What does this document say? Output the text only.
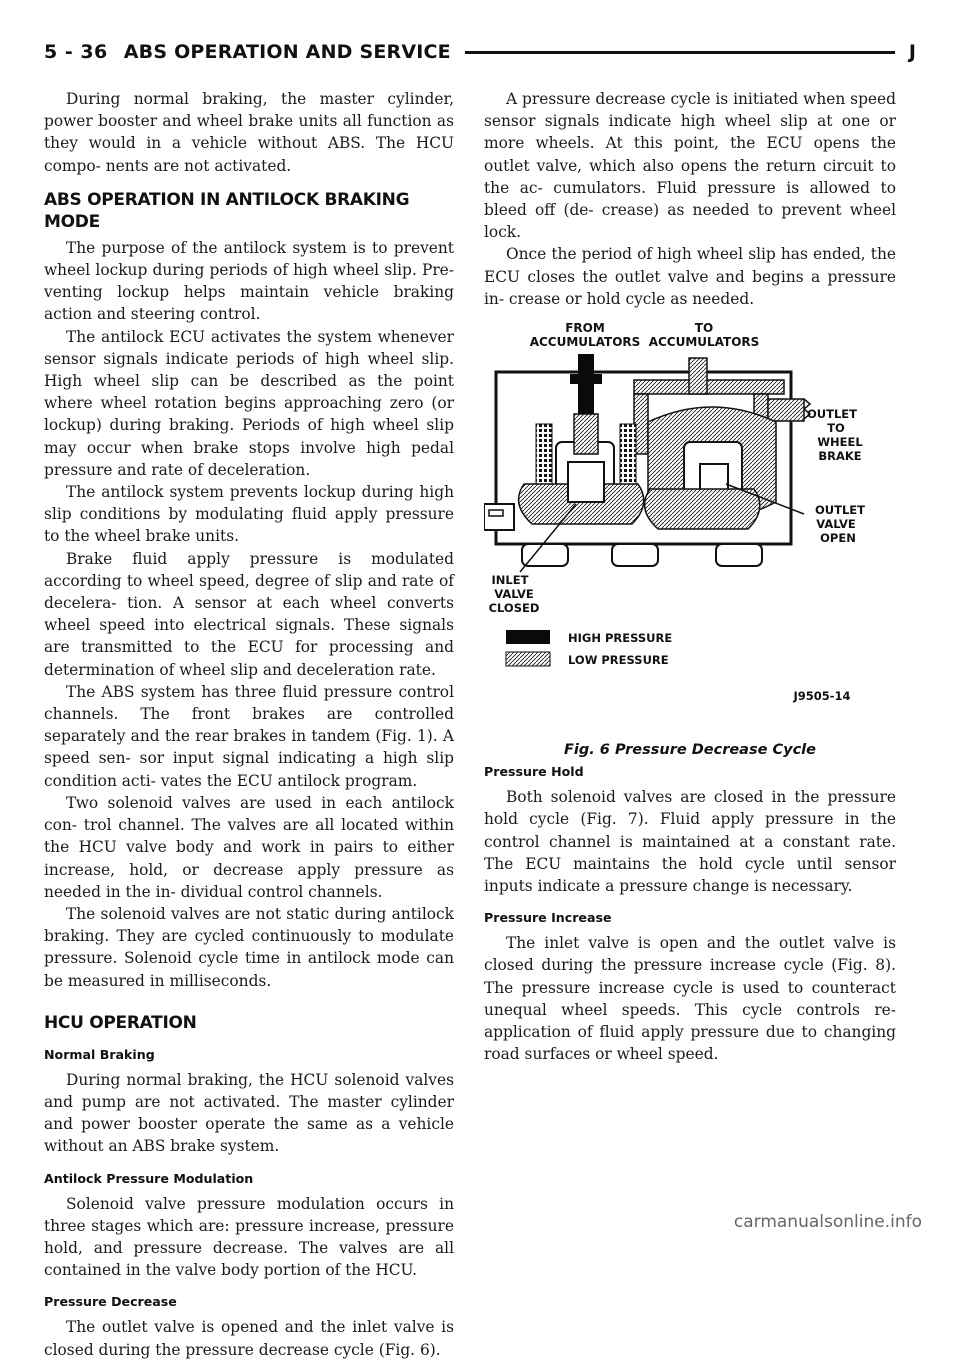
5 - 36 ABS OPERATION AND SERVICE	J

During normal braking, the master cylinder, power booster and wheel brake units all function as they would in a vehicle without ABS. The HCU compo- nents are not activated.

ABS OPERATION IN ANTILOCK BRAKING MODE

The purpose of the antilock system is to prevent wheel lockup during periods of high wheel slip. Pre- venting lockup helps maintain vehicle braking action and steering control.

The antilock ECU activates the system whenever sensor signals indicate periods of high wheel slip. High wheel slip can be described as the point where wheel rotation begins approaching zero (or lockup) during braking. Periods of high wheel slip may occur when brake stops involve high pedal pressure and rate of deceleration.

The antilock system prevents lockup during high slip conditions by modulating fluid apply pressure to the wheel brake units.

Brake fluid apply pressure is modulated according to wheel speed, degree of slip and rate of decelera- tion. A sensor at each wheel converts wheel speed into electrical signals. These signals are transmitted to the ECU for processing and determination of wheel slip and deceleration rate.

The ABS system has three fluid pressure control channels. The front brakes are controlled separately and the rear brakes in tandem (Fig. 1). A speed sen- sor input signal indicating a high slip condition acti- vates the ECU antilock program.

Two solenoid valves are used in each antilock con- trol channel. The valves are all located within the HCU valve body and work in pairs to either increase, hold, or decrease apply pressure as needed in the in- dividual control channels.

The solenoid valves are not static during antilock braking. They are cycled continuously to modulate pressure. Solenoid cycle time in antilock mode can be measured in milliseconds.

HCU OPERATION
Normal Braking

During normal braking, the HCU solenoid valves and pump are not activated. The master cylinder and power booster operate the same as a vehicle without an ABS brake system.

Antilock Pressure Modulation

Solenoid valve pressure modulation occurs in three stages which are: pressure increase, pressure hold, and pressure decrease. The valves are all contained in the valve body portion of the HCU.

Pressure Decrease

The outlet valve is opened and the inlet valve is closed during the pressure decrease cycle (Fig. 6).

A pressure decrease cycle is initiated when speed sensor signals indicate high wheel slip at one or more wheels. At this point, the ECU opens the outlet valve, which also opens the return circuit to the ac- cumulators. Fluid pressure is allowed to bleed off (de- crease) as needed to prevent wheel lock.

Once the period of high wheel slip has ended, the ECU closes the outlet valve and begins a pressure in- crease or hold cycle as needed.

FROM
ACCUMULATORS
TO
ACCUMULATORS
OUTLET
TO
WHEEL
BRAKE
OUTLET
VALVE
OPEN
INLET
VALVE
CLOSED
HIGH PRESSURE
LOW PRESSURE
J9505-14
Fig. 6 Pressure Decrease Cycle
Pressure Hold

Both solenoid valves are closed in the pressure hold cycle (Fig. 7). Fluid apply pressure in the control channel is maintained at a constant rate. The ECU maintains the hold cycle until sensor inputs indicate a pressure change is necessary.

Pressure Increase

The inlet valve is open and the outlet valve is closed during the pressure increase cycle (Fig. 8). The pressure increase cycle is used to counteract unequal wheel speeds. This cycle controls re-application of fluid apply pressure due to changing road surfaces or wheel speed.

carmanualsonline.info
